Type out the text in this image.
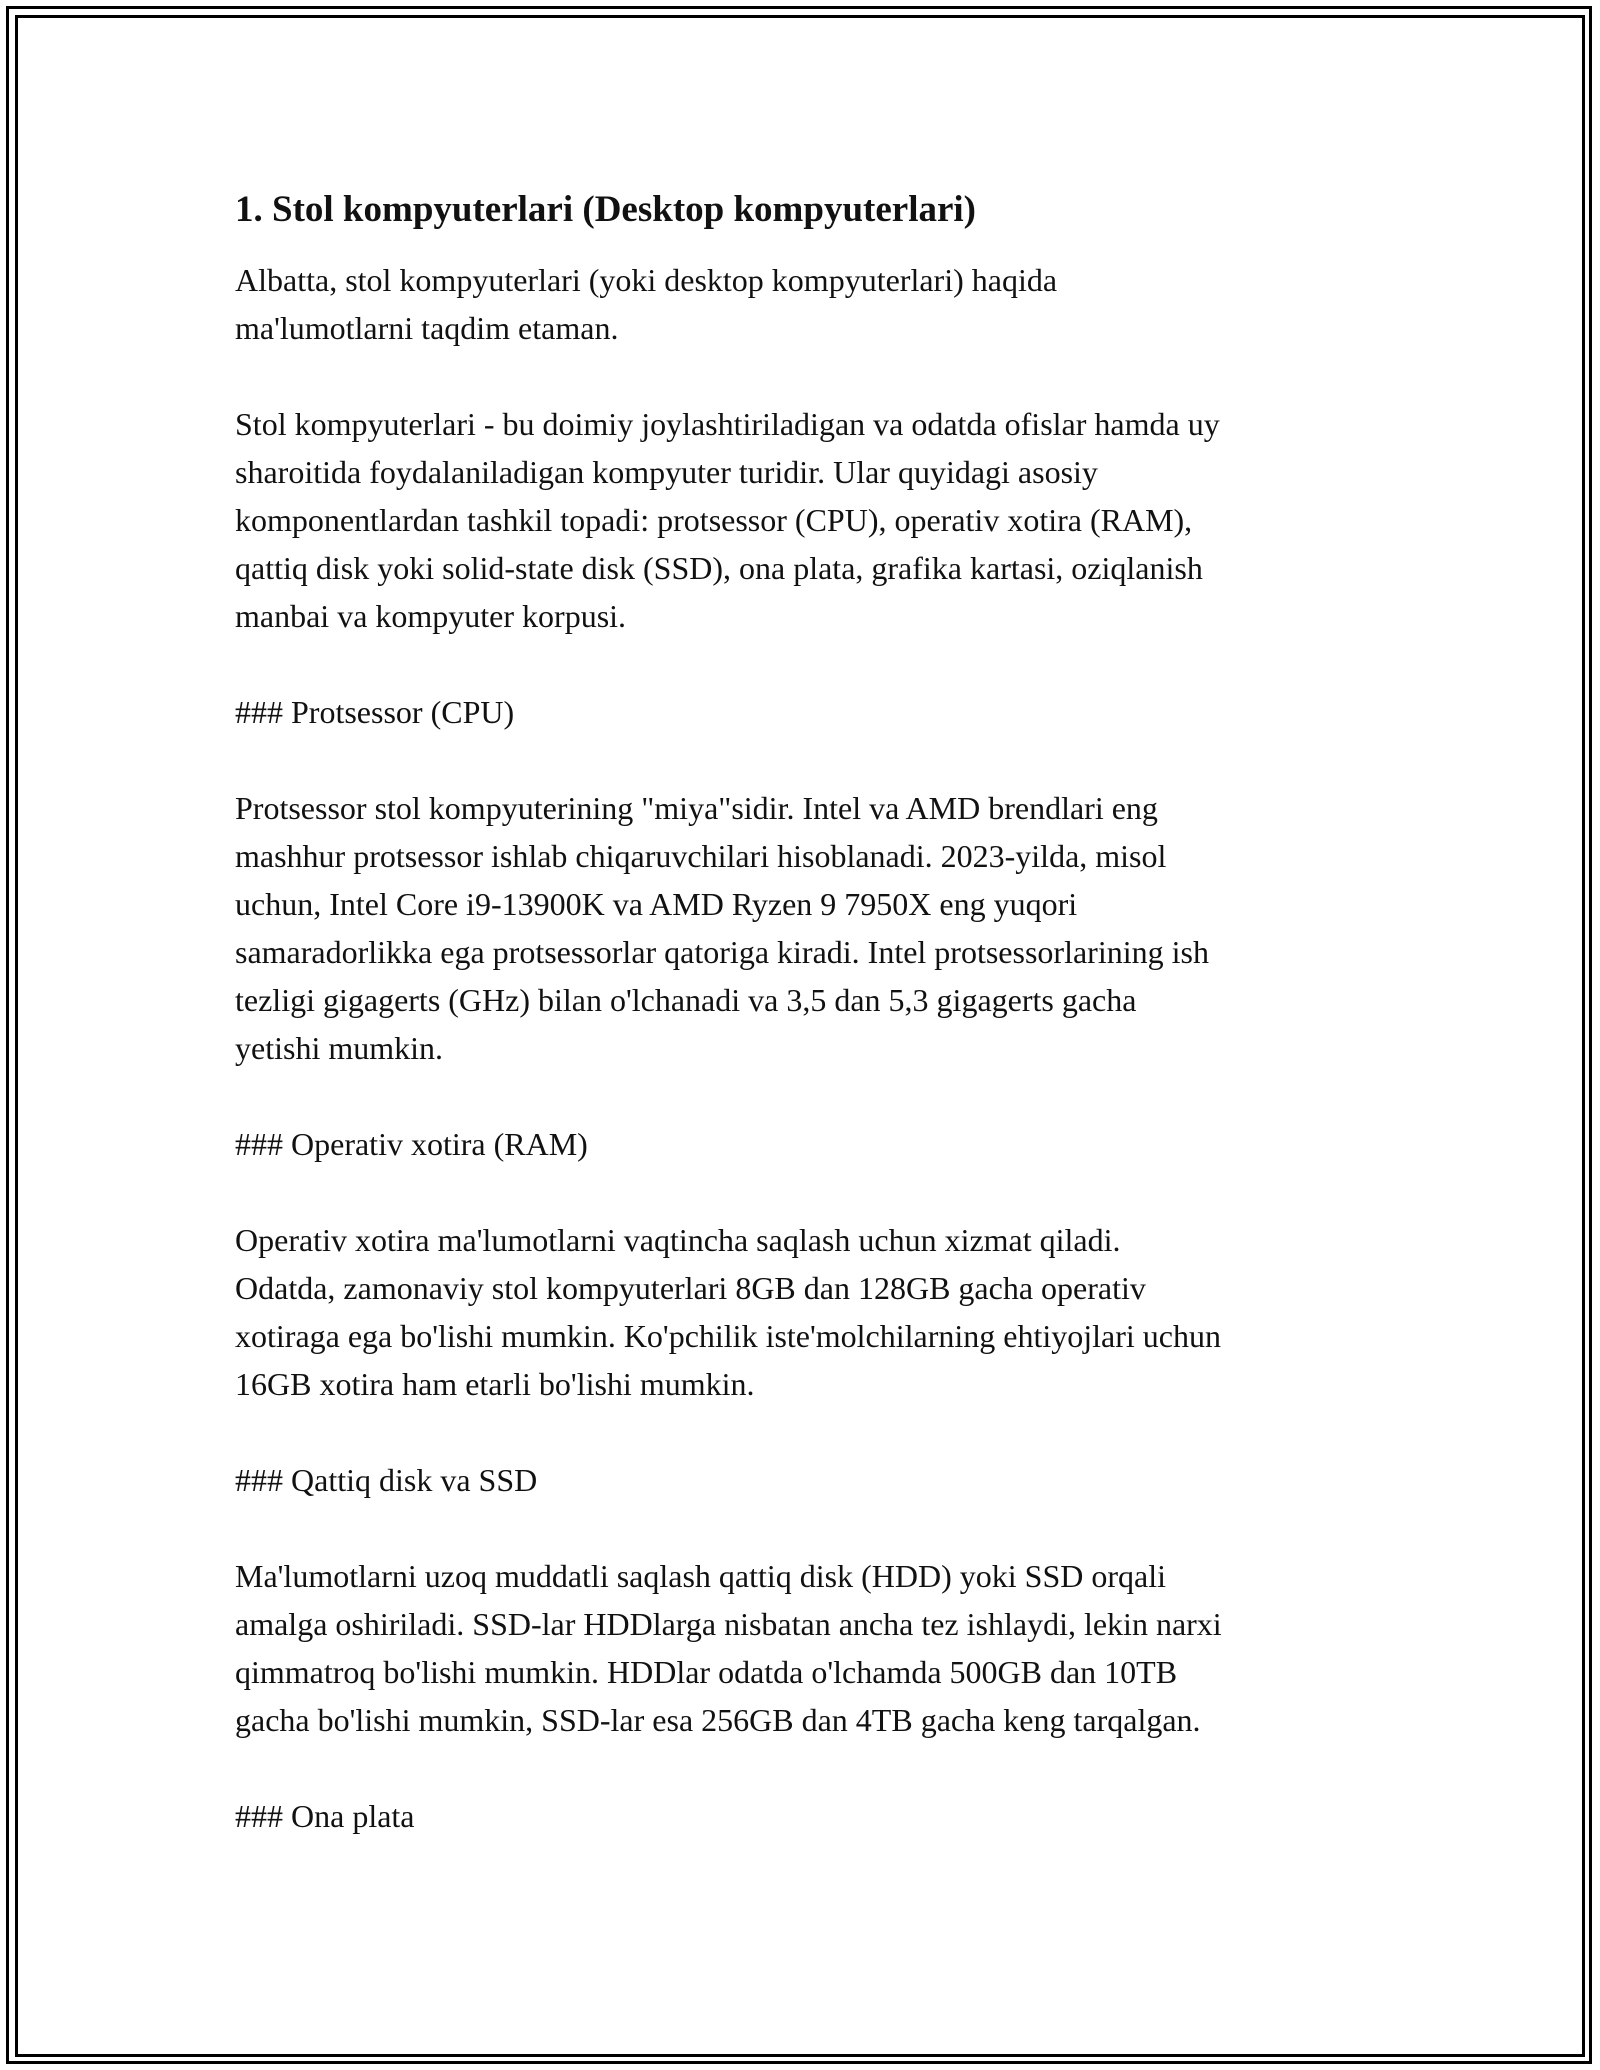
1. Stol kompyuterlari (Desktop kompyuterlari)

Albatta, stol kompyuterlari (yoki desktop kompyuterlari) haqida
ma'lumotlarni taqdim etaman.

Stol kompyuterlari - bu doimiy joylashtiriladigan va odatda ofislar hamda uy
sharoitida foydalaniladigan kompyuter turidir. Ular quyidagi asosiy
komponentlardan tashkil topadi: protsessor (CPU), operativ xotira (RAM),
qattiq disk yoki solid-state disk (SSD), ona plata, grafika kartasi, oziqlanish
manbai va kompyuter korpusi.

### Protsessor (CPU)

Protsessor stol kompyuterining "miya"sidir. Intel va AMD brendlari eng
mashhur protsessor ishlab chiqaruvchilari hisoblanadi. 2023-yilda, misol
uchun, Intel Core i9-13900K va AMD Ryzen 9 7950X eng yuqori
samaradorlikka ega protsessorlar qatoriga kiradi. Intel protsessorlarining ish
tezligi gigagerts (GHz) bilan o'lchanadi va 3,5 dan 5,3 gigagerts gacha
yetishi mumkin.

### Operativ xotira (RAM)

Operativ xotira ma'lumotlarni vaqtincha saqlash uchun xizmat qiladi.
Odatda, zamonaviy stol kompyuterlari 8GB dan 128GB gacha operativ
xotiraga ega bo'lishi mumkin. Ko'pchilik iste'molchilarning ehtiyojlari uchun
16GB xotira ham etarli bo'lishi mumkin.

### Qattiq disk va SSD

Ma'lumotlarni uzoq muddatli saqlash qattiq disk (HDD) yoki SSD orqali
amalga oshiriladi. SSD-lar HDDlarga nisbatan ancha tez ishlaydi, lekin narxi
qimmatroq bo'lishi mumkin. HDDlar odatda o'lchamda 500GB dan 10TB
gacha bo'lishi mumkin, SSD-lar esa 256GB dan 4TB gacha keng tarqalgan.

### Ona plata
